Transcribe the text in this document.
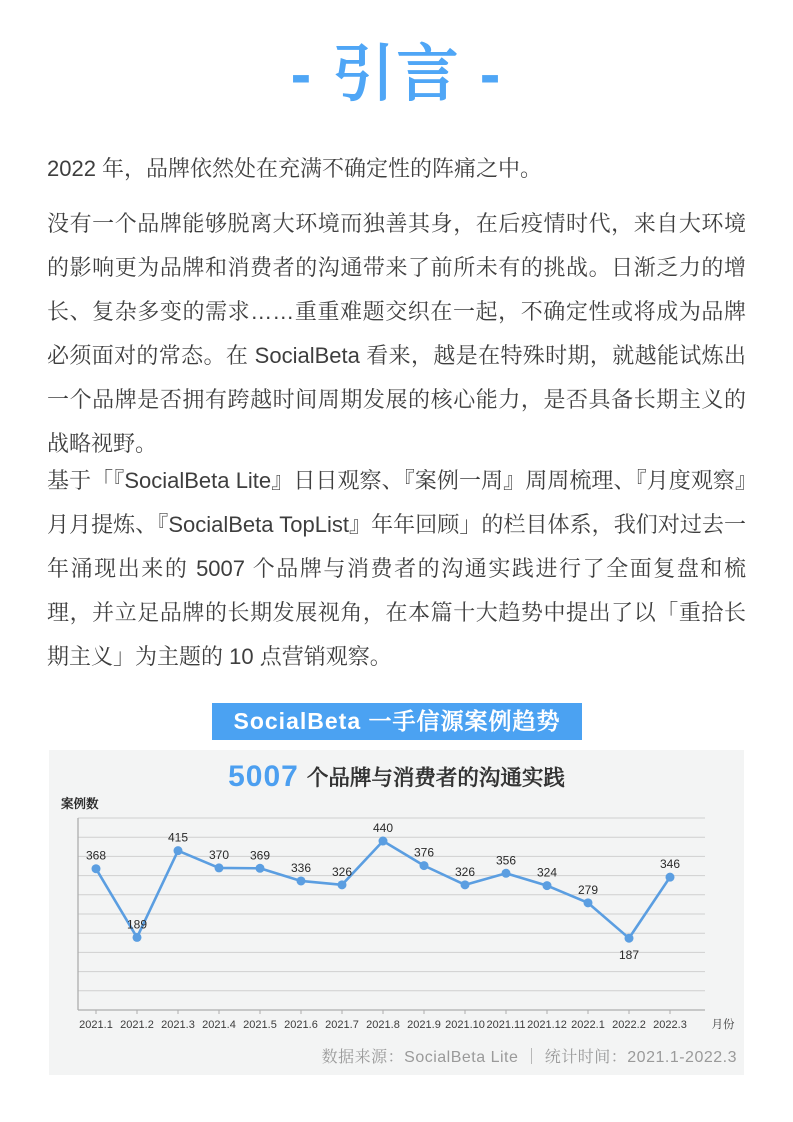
- 引言 -

2022 年，品牌依然处在充满不确定性的阵痛之中。

没有一个品牌能够脱离大环境而独善其身，在后疫情时代，来自大环境的影响更为品牌和消费者的沟通带来了前所未有的挑战。日渐乏力的增长、复杂多变的需求……重重难题交织在一起，不确定性或将成为品牌必须面对的常态。在 SocialBeta 看来，越是在特殊时期，就越能试炼出一个品牌是否拥有跨越时间周期发展的核心能力，是否具备长期主义的战略视野。

基于「『SocialBeta Lite』日日观察、『案例一周』周周梳理、『月度观察』月月提炼、『SocialBeta TopList』年年回顾」的栏目体系，我们对过去一年涌现出来的 5007 个品牌与消费者的沟通实践进行了全面复盘和梳理，并立足品牌的长期发展视角，在本篇十大趋势中提出了以「重拾长期主义」为主题的 10 点营销观察。

SocialBeta 一手信源案例趋势
5007 个品牌与消费者的沟通实践
案例数
2021.1 2021.2 2021.3 2021.4 2021.5 2021.6 2021.7 2021.8 2021.9 2021.10 2021.11 2021.12 2022.1 2022.2 2022.3 月份
368
189
415
370 369
336 326
440
376
326
356
324
279
187
346
数据来源：SocialBeta Lite ｜ 统计时间：2021.1-2022.3
